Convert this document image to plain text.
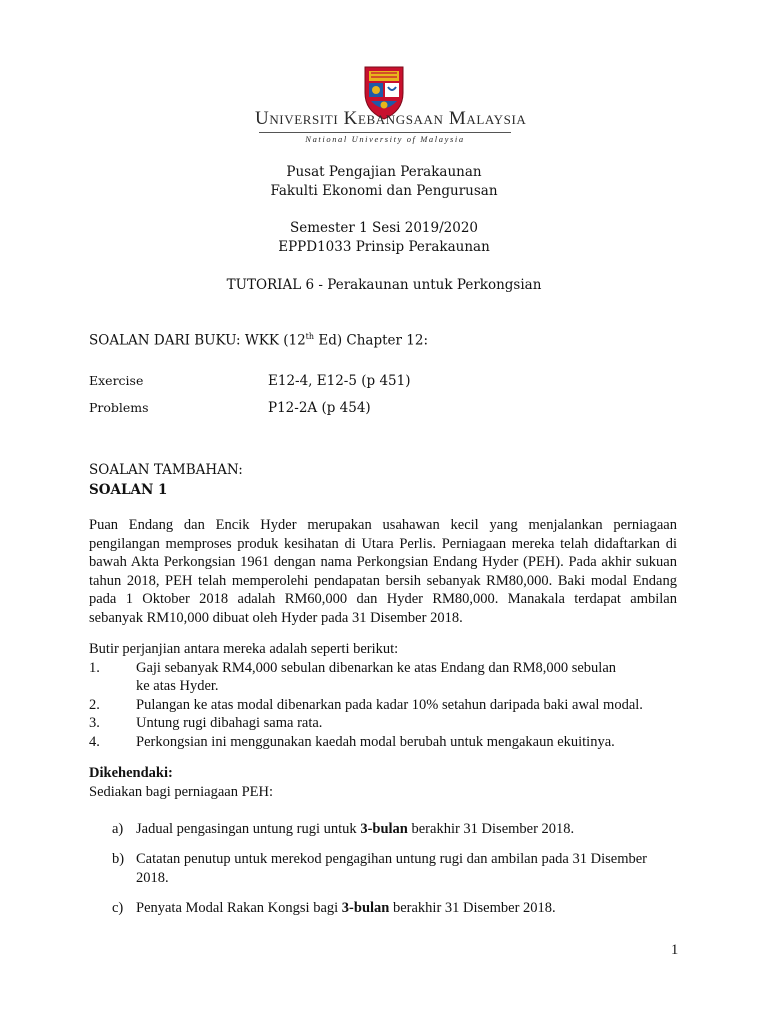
Universiti Kebangsaan Malaysia
National University of Malaysia
Pusat Pengajian Perakaunan
Fakulti Ekonomi dan Pengurusan
Semester 1 Sesi 2019/2020
EPPD1033 Prinsip Perakaunan
TUTORIAL 6 - Perakaunan untuk Perkongsian
SOALAN DARI BUKU: WKK (12th Ed) Chapter 12:
Exercise	E12-4, E12-5 (p 451)
Problems	P12-2A (p 454)
SOALAN TAMBAHAN:
SOALAN 1
Puan Endang dan Encik Hyder merupakan usahawan kecil yang menjalankan perniagaan
pengilangan memproses produk kesihatan di Utara Perlis. Perniagaan mereka telah didaftarkan di
bawah Akta Perkongsian 1961 dengan nama Perkongsian Endang Hyder (PEH). Pada akhir sukuan
tahun 2018, PEH telah memperolehi pendapatan bersih sebanyak RM80,000. Baki modal Endang
pada 1 Oktober 2018 adalah RM60,000 dan Hyder RM80,000. Manakala terdapat ambilan
sebanyak RM10,000 dibuat oleh Hyder pada 31 Disember 2018.
Butir perjanjian antara mereka adalah seperti berikut:
1. Gaji sebanyak RM4,000 sebulan dibenarkan ke atas Endang dan RM8,000 sebulan ke atas Hyder.
2. Pulangan ke atas modal dibenarkan pada kadar 10% setahun daripada baki awal modal.
3. Untung rugi dibahagi sama rata.
4. Perkongsian ini menggunakan kaedah modal berubah untuk mengakaun ekuitinya.
Dikehendaki:
Sediakan bagi perniagaan PEH:
a) Jadual pengasingan untung rugi untuk 3-bulan berakhir 31 Disember 2018.
b) Catatan penutup untuk merekod pengagihan untung rugi dan ambilan pada 31 Disember 2018.
c) Penyata Modal Rakan Kongsi bagi 3-bulan berakhir 31 Disember 2018.
1
